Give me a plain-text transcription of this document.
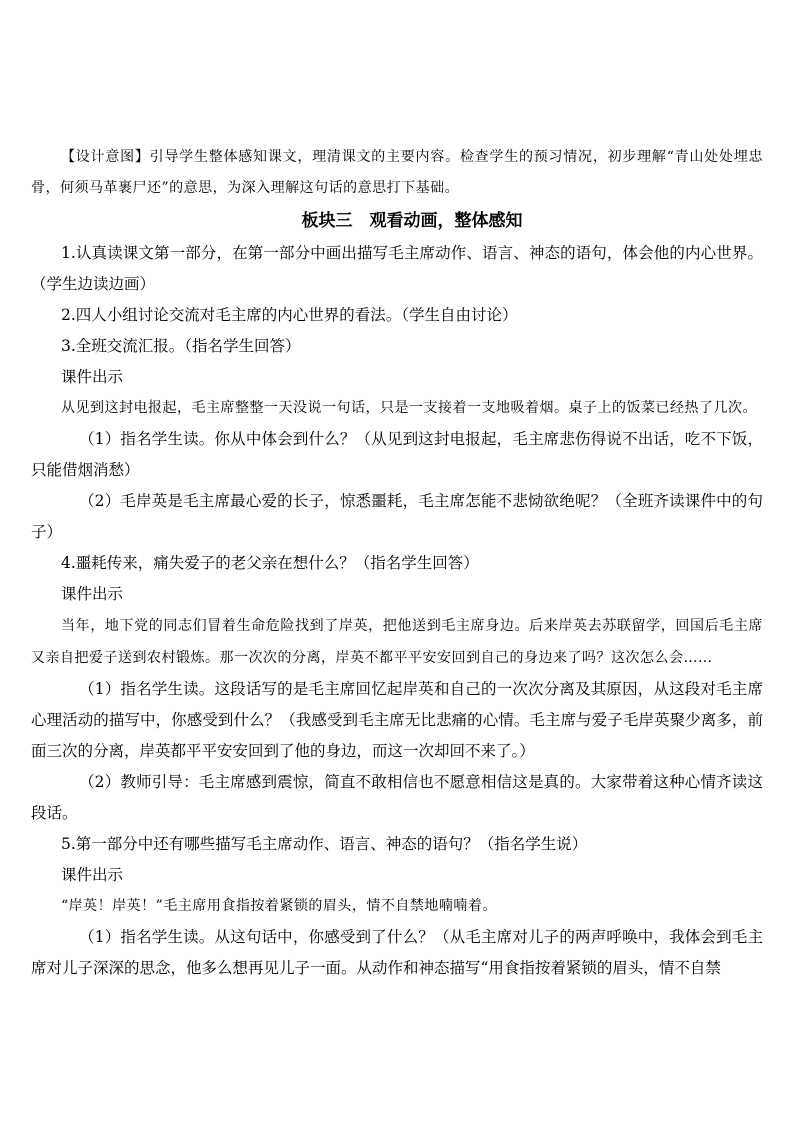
【设计意图】引导学生整体感知课文，理清课文的主要内容。检查学生的预习情况，初步理解“青山处处埋忠骨，何须马革裹尸还”的意思，为深入理解这句话的意思打下基础。

板块三　观看动画，整体感知

1.认真读课文第一部分，在第一部分中画出描写毛主席动作、语言、神态的语句，体会他的内心世界。（学生边读边画）

2.四人小组讨论交流对毛主席的内心世界的看法。（学生自由讨论）

3.全班交流汇报。（指名学生回答）

课件出示

从见到这封电报起，毛主席整整一天没说一句话，只是一支接着一支地吸着烟。桌子上的饭菜已经热了几次。

（1）指名学生读。你从中体会到什么？（从见到这封电报起，毛主席悲伤得说不出话，吃不下饭，只能借烟消愁）

（2）毛岸英是毛主席最心爱的长子，惊悉噩耗，毛主席怎能不悲恸欲绝呢？（全班齐读课件中的句子）

4.噩耗传来，痛失爱子的老父亲在想什么？（指名学生回答）

课件出示

当年，地下党的同志们冒着生命危险找到了岸英，把他送到毛主席身边。后来岸英去苏联留学，回国后毛主席又亲自把爱子送到农村锻炼。那一次次的分离，岸英不都平平安安回到自己的身边来了吗？这次怎么会……

（1）指名学生读。这段话写的是毛主席回忆起岸英和自己的一次次分离及其原因，从这段对毛主席心理活动的描写中，你感受到什么？（我感受到毛主席无比悲痛的心情。毛主席与爱子毛岸英聚少离多，前面三次的分离，岸英都平平安安回到了他的身边，而这一次却回不来了。）

（2）教师引导：毛主席感到震惊，简直不敢相信也不愿意相信这是真的。大家带着这种心情齐读这段话。

5.第一部分中还有哪些描写毛主席动作、语言、神态的语句？（指名学生说）

课件出示

“岸英！岸英！”毛主席用食指按着紧锁的眉头，情不自禁地喃喃着。

（1）指名学生读。从这句话中，你感受到了什么？（从毛主席对儿子的两声呼唤中，我体会到毛主席对儿子深深的思念，他多么想再见儿子一面。从动作和神态描写“用食指按着紧锁的眉头，情不自禁
